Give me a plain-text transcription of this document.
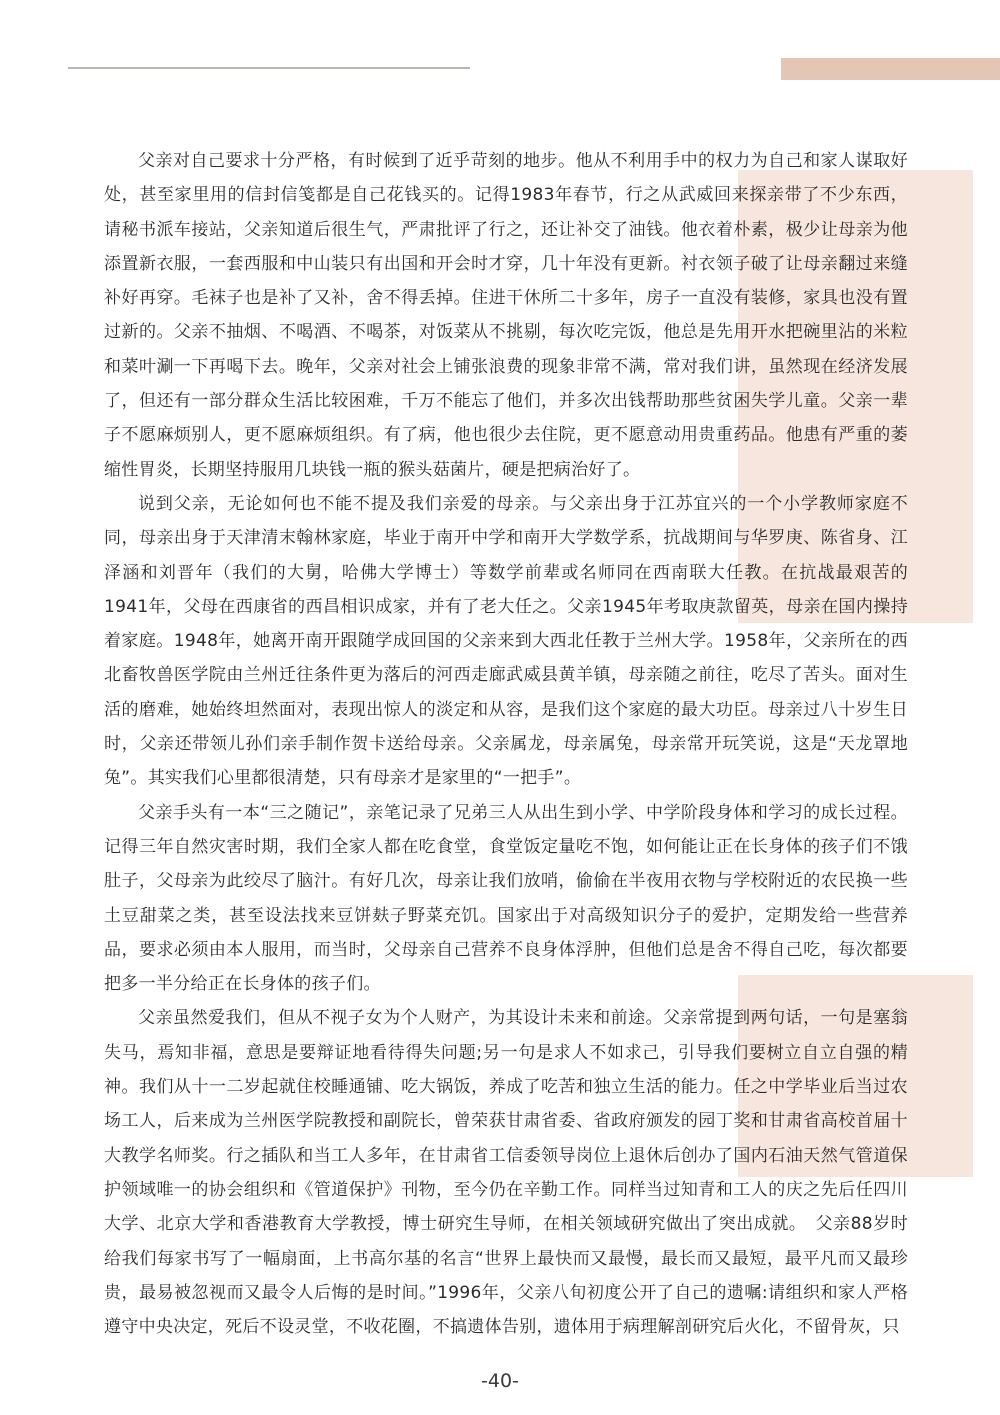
父亲对自己要求十分严格，有时候到了近乎苛刻的地步。他从不利用手中的权力为自己和家人谋取好处，甚至家里用的信封信笺都是自己花钱买的。记得1983年春节，行之从武威回来探亲带了不少东西，请秘书派车接站，父亲知道后很生气，严肃批评了行之，还让补交了油钱。他衣着朴素，极少让母亲为他添置新衣服，一套西服和中山装只有出国和开会时才穿，几十年没有更新。衬衣领子破了让母亲翻过来缝补好再穿。毛袜子也是补了又补，舍不得丢掉。住进干休所二十多年，房子一直没有装修，家具也没有置过新的。父亲不抽烟、不喝酒、不喝茶，对饭菜从不挑剔，每次吃完饭，他总是先用开水把碗里沾的米粒和菜叶涮一下再喝下去。晚年，父亲对社会上铺张浪费的现象非常不满，常对我们讲，虽然现在经济发展了，但还有一部分群众生活比较困难，千万不能忘了他们，并多次出钱帮助那些贫困失学儿童。父亲一辈子不愿麻烦别人，更不愿麻烦组织。有了病，他也很少去住院，更不愿意动用贵重药品。他患有严重的萎缩性胃炎，长期坚持服用几块钱一瓶的猴头菇菌片，硬是把病治好了。

说到父亲，无论如何也不能不提及我们亲爱的母亲。与父亲出身于江苏宜兴的一个小学教师家庭不同，母亲出身于天津清末翰林家庭，毕业于南开中学和南开大学数学系，抗战期间与华罗庚、陈省身、江泽涵和刘晋年（我们的大舅，哈佛大学博士）等数学前辈或名师同在西南联大任教。在抗战最艰苦的1941年，父母在西康省的西昌相识成家，并有了老大任之。父亲1945年考取庚款留英，母亲在国内操持着家庭。1948年，她离开南开跟随学成回国的父亲来到大西北任教于兰州大学。1958年，父亲所在的西北畜牧兽医学院由兰州迁往条件更为落后的河西走廊武威县黄羊镇，母亲随之前往，吃尽了苦头。面对生活的磨难，她始终坦然面对，表现出惊人的淡定和从容，是我们这个家庭的最大功臣。母亲过八十岁生日时，父亲还带领儿孙们亲手制作贺卡送给母亲。父亲属龙，母亲属兔，母亲常开玩笑说，这是“天龙罩地兔”。其实我们心里都很清楚，只有母亲才是家里的“一把手”。

父亲手头有一本“三之随记”，亲笔记录了兄弟三人从出生到小学、中学阶段身体和学习的成长过程。记得三年自然灾害时期，我们全家人都在吃食堂，食堂饭定量吃不饱，如何能让正在长身体的孩子们不饿肚子，父母亲为此绞尽了脑汁。有好几次，母亲让我们放哨，偷偷在半夜用衣物与学校附近的农民换一些土豆甜菜之类，甚至设法找来豆饼麸子野菜充饥。国家出于对高级知识分子的爱护，定期发给一些营养品，要求必须由本人服用，而当时，父母亲自己营养不良身体浮肿，但他们总是舍不得自己吃，每次都要把多一半分给正在长身体的孩子们。

父亲虽然爱我们，但从不视子女为个人财产，为其设计未来和前途。父亲常提到两句话，一句是塞翁失马，焉知非福，意思是要辩证地看待得失问题;另一句是求人不如求己，引导我们要树立自立自强的精神。我们从十一二岁起就住校睡通铺、吃大锅饭，养成了吃苦和独立生活的能力。任之中学毕业后当过农场工人，后来成为兰州医学院教授和副院长，曾荣获甘肃省委、省政府颁发的园丁奖和甘肃省高校首届十大教学名师奖。行之插队和当工人多年，在甘肃省工信委领导岗位上退休后创办了国内石油天然气管道保护领域唯一的协会组织和《管道保护》刊物，至今仍在辛勤工作。同样当过知青和工人的庆之先后任四川大学、北京大学和香港教育大学教授，博士研究生导师，在相关领域研究做出了突出成就。　父亲88岁时给我们每家书写了一幅扇面，上书高尔基的名言“世界上最快而又最慢，最长而又最短，最平凡而又最珍贵，最易被忽视而又最令人后悔的是时间。”1996年，父亲八旬初度公开了自己的遗嘱:请组织和家人严格遵守中央决定，死后不设灵堂，不收花圈，不搞遗体告别，遗体用于病理解剖研究后火化，不留骨灰，只

-40-
